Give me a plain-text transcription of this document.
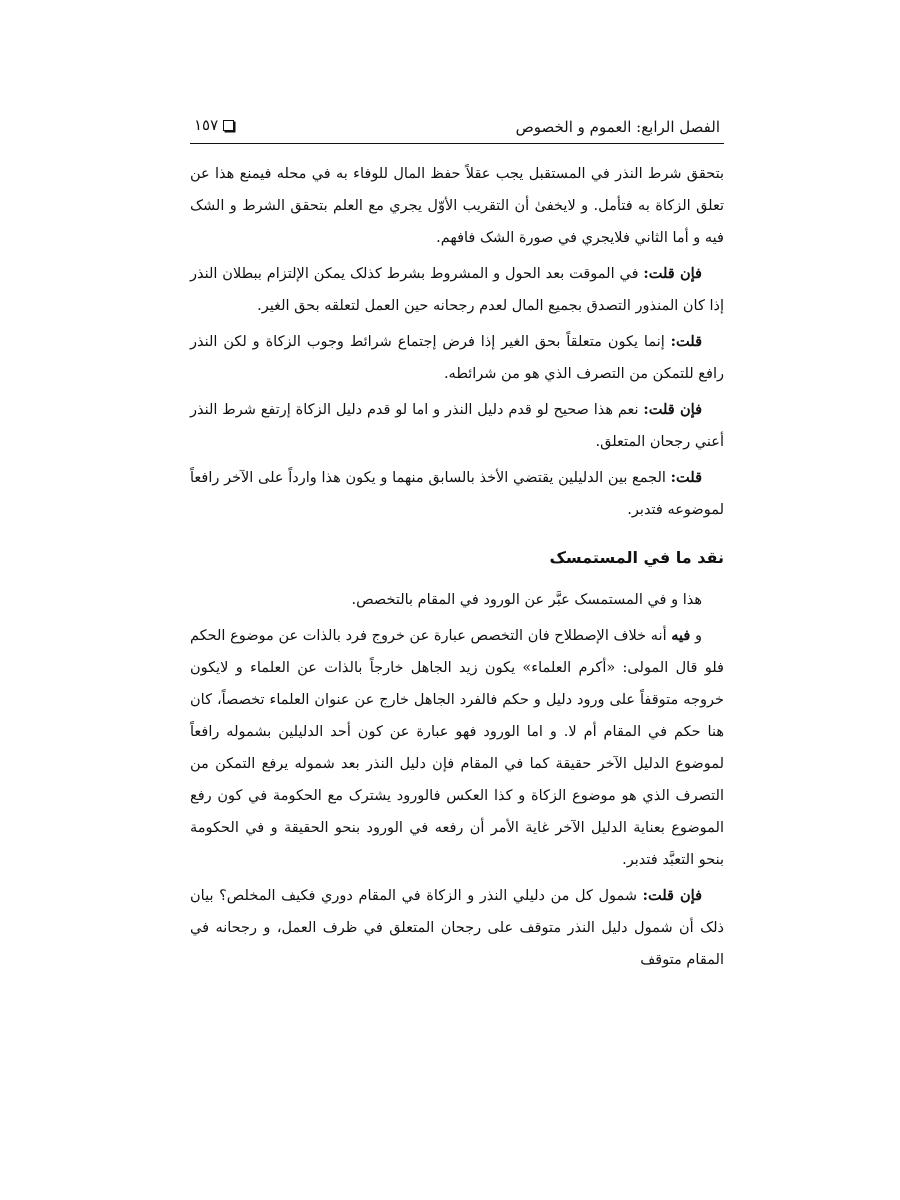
الفصل الرابع: العموم و الخصوص
١٥٧

بتحقق شرط النذر في المستقبل يجب عقلاً حفظ المال للوفاء به في محله فيمنع هذا عن تعلق الزكاة به فتأمل. و لايخفىٰ أن التقريب الأوّل يجري مع العلم بتحقق الشرط و الشک فيه و أما الثاني فلايجري في صورة الشک فافهم.

فإن قلت: في الموقت بعد الحول و المشروط بشرط كذلک يمكن الإلتزام ببطلان النذر إذا كان المنذور التصدق بجميع المال لعدم رجحانه حين العمل لتعلقه بحق الغير.

قلت: إنما يكون متعلقاً بحق الغير إذا فرض إجتماع شرائط وجوب الزكاة و لكن النذر رافع للتمكن من التصرف الذي هو من شرائطه.

فإن قلت: نعم هذا صحيح لو قدم دليل النذر و اما لو قدم دليل الزكاة إرتفع شرط النذر أعني رجحان المتعلق.

قلت: الجمع بين الدليلين يقتضي الأخذ بالسابق منهما و يكون هذا وارداً على الآخر رافعاً لموضوعه فتدبر.

نقد ما في المستمسک

هذا و في المستمسک عبَّر عن الورود في المقام بالتخصص.

و فيه أنه خلاف الإصطلاح فان التخصص عبارة عن خروج فرد بالذات عن موضوع الحكم فلو قال المولى: «أكرم العلماء» يكون زيد الجاهل خارجاً بالذات عن العلماء و لايكون خروجه متوقفاً على ورود دليل و حكم فالفرد الجاهل خارج عن عنوان العلماء تخصصاً، كان هنا حكم في المقام أم لا. و اما الورود فهو عبارة عن كون أحد الدليلين بشموله رافعاً لموضوع الدليل الآخر حقيقة كما في المقام فإن دليل النذر بعد شموله يرفع التمكن من التصرف الذي هو موضوع الزكاة و كذا العكس فالورود يشترک مع الحكومة في كون رفع الموضوع بعناية الدليل الآخر غاية الأمر أن رفعه في الورود بنحو الحقيقة و في الحكومة بنحو التعبَّد فتدبر.

فإن قلت: شمول كل من دليلي النذر و الزكاة في المقام دوري فكيف المخلص؟ بيان ذلک أن شمول دليل النذر متوقف على رجحان المتعلق في ظرف العمل، و رجحانه في المقام متوقف
